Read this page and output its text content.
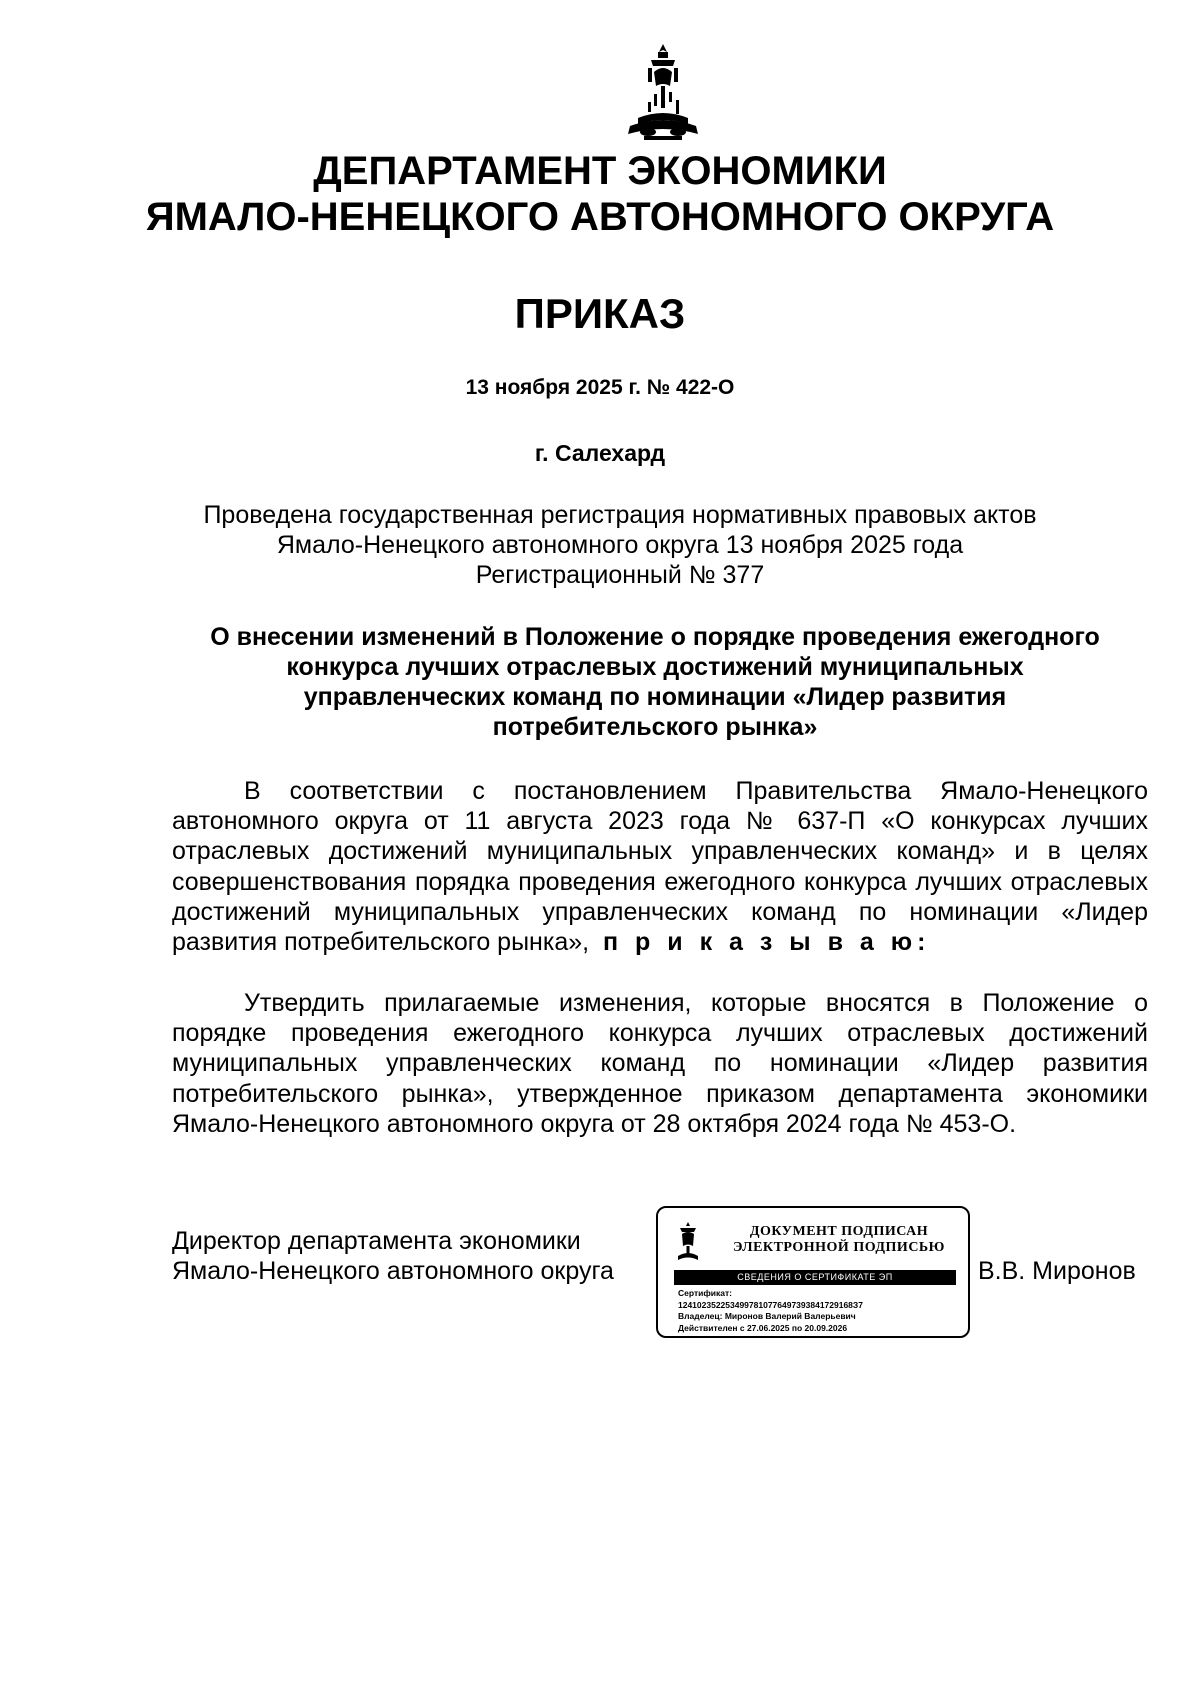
ДЕПАРТАМЕНТ ЭКОНОМИКИ
ЯМАЛО-НЕНЕЦКОГО АВТОНОМНОГО ОКРУГА
ПРИКАЗ
13 ноября 2025 г. № 422-О
г. Салехард
Проведена государственная регистрация нормативных правовых актов
Ямало-Ненецкого автономного округа 13 ноября 2025 года
Регистрационный № 377
О внесении изменений в Положение о порядке проведения ежегодного
конкурса лучших отраслевых достижений муниципальных
управленческих команд по номинации «Лидер развития
потребительского рынка»
В соответствии с постановлением Правительства Ямало-Ненецкого автономного округа от 11 августа 2023 года № 637-П «О конкурсах лучших отраслевых достижений муниципальных управленческих команд» и в целях совершенствования порядка проведения ежегодного конкурса лучших отраслевых достижений муниципальных управленческих команд по номинации «Лидер развития потребительского рынка», п р и к а з ы в а ю:
Утвердить прилагаемые изменения, которые вносятся в Положение о порядке проведения ежегодного конкурса лучших отраслевых достижений муниципальных управленческих команд по номинации «Лидер развития потребительского рынка», утвержденное приказом департамента экономики Ямало-Ненецкого автономного округа от 28 октября 2024 года № 453-О.
Директор департамента экономики
Ямало-Ненецкого автономного округа
ДОКУМЕНТ ПОДПИСАН
ЭЛЕКТРОННОЙ ПОДПИСЬЮ
СВЕДЕНИЯ О СЕРТИФИКАТЕ ЭП
Сертификат:
1241023522534997810776497393841729168З7
Владелец: Миронов Валерий Валерьевич
Действителен с 27.06.2025 по 20.09.2026
В.В. Миронов
